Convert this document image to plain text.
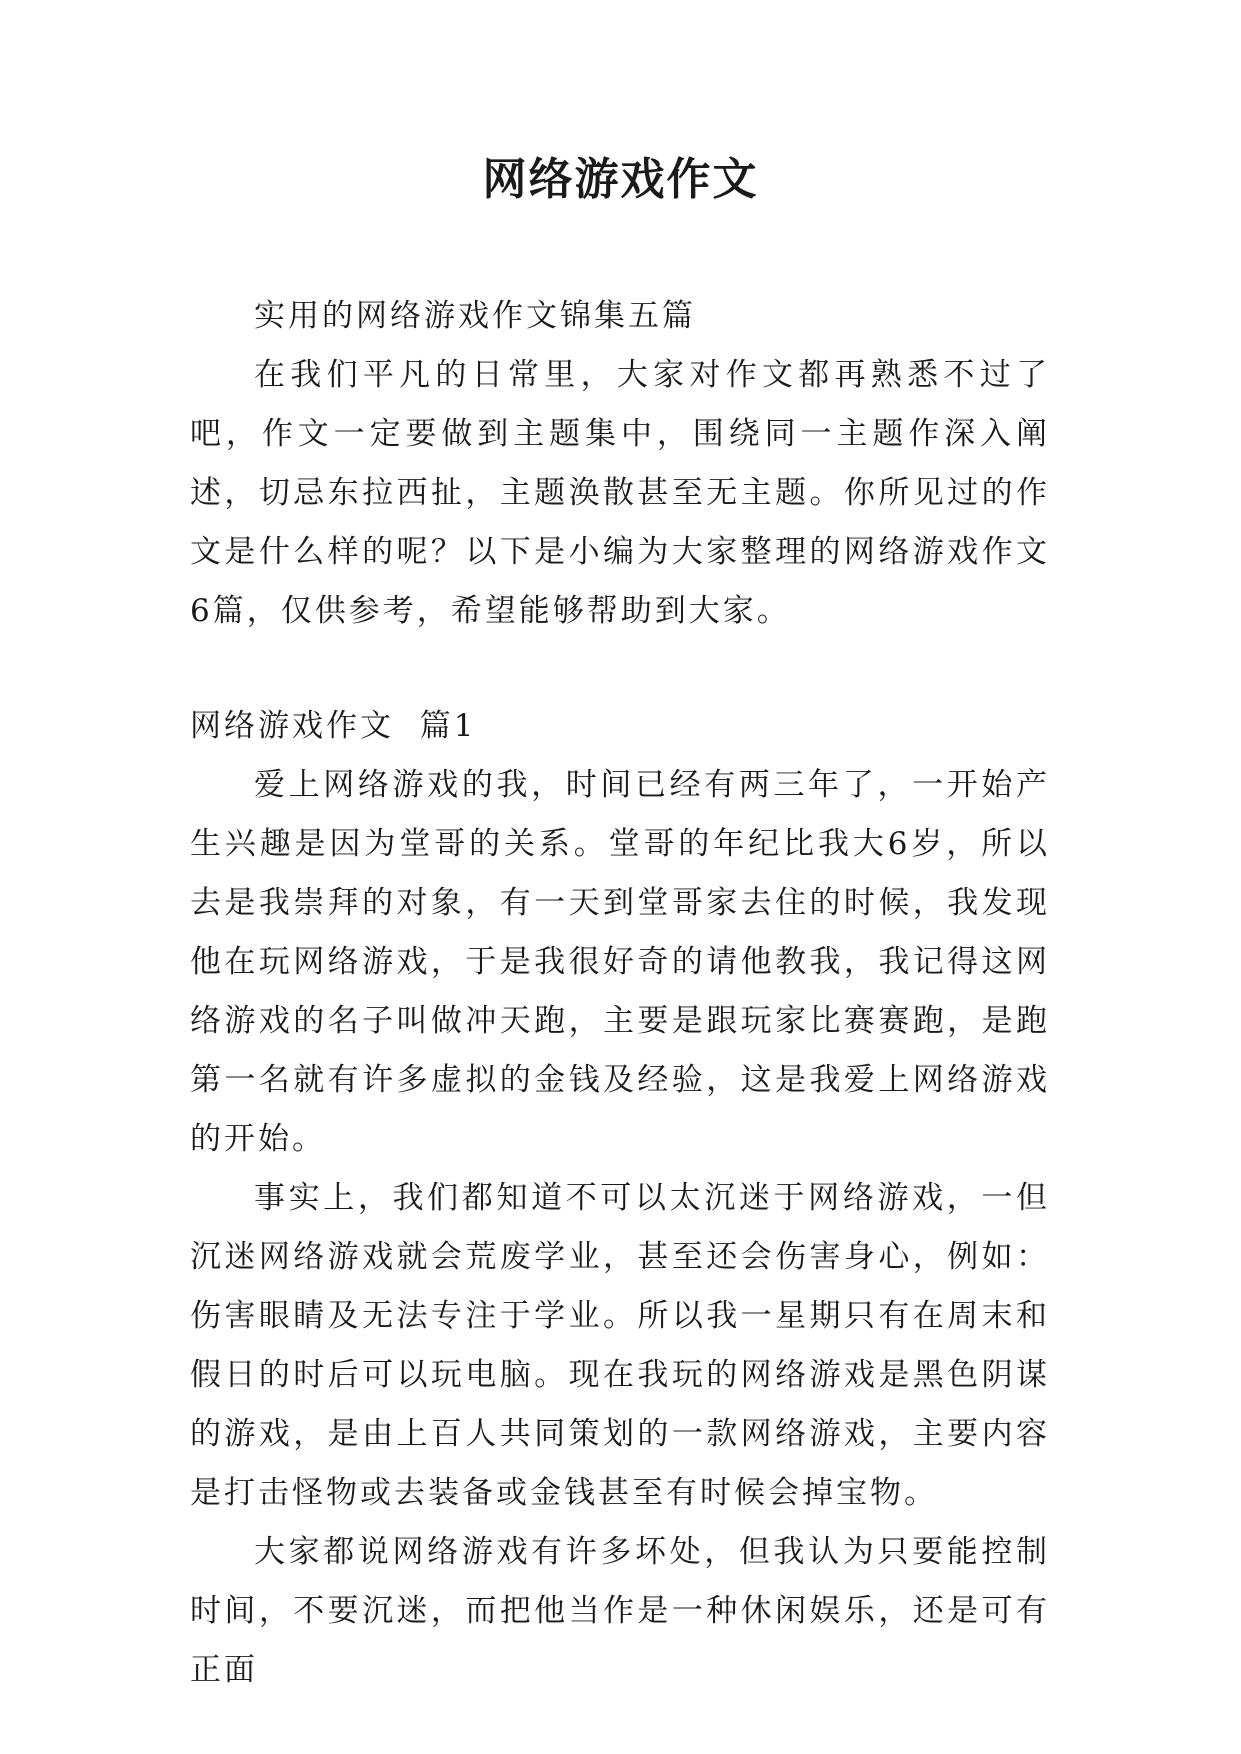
网络游戏作文

实用的网络游戏作文锦集五篇

在我们平凡的日常里，大家对作文都再熟悉不过了吧，作文一定要做到主题集中，围绕同一主题作深入阐述，切忌东拉西扯，主题涣散甚至无主题。你所见过的作文是什么样的呢？以下是小编为大家整理的网络游戏作文6篇，仅供参考，希望能够帮助到大家。

网络游戏作文  篇1

爱上网络游戏的我，时间已经有两三年了，一开始产生兴趣是因为堂哥的关系。堂哥的年纪比我大6岁，所以去是我崇拜的对象，有一天到堂哥家去住的时候，我发现他在玩网络游戏，于是我很好奇的请他教我，我记得这网络游戏的名子叫做冲天跑，主要是跟玩家比赛赛跑，是跑第一名就有许多虚拟的金钱及经验，这是我爱上网络游戏的开始。

事实上，我们都知道不可以太沉迷于网络游戏，一但沉迷网络游戏就会荒废学业，甚至还会伤害身心，例如：伤害眼睛及无法专注于学业。所以我一星期只有在周末和假日的时后可以玩电脑。现在我玩的网络游戏是黑色阴谋的游戏，是由上百人共同策划的一款网络游戏，主要内容是打击怪物或去装备或金钱甚至有时候会掉宝物。

大家都说网络游戏有许多坏处，但我认为只要能控制时间，不要沉迷，而把他当作是一种休闲娱乐，还是可有正面
